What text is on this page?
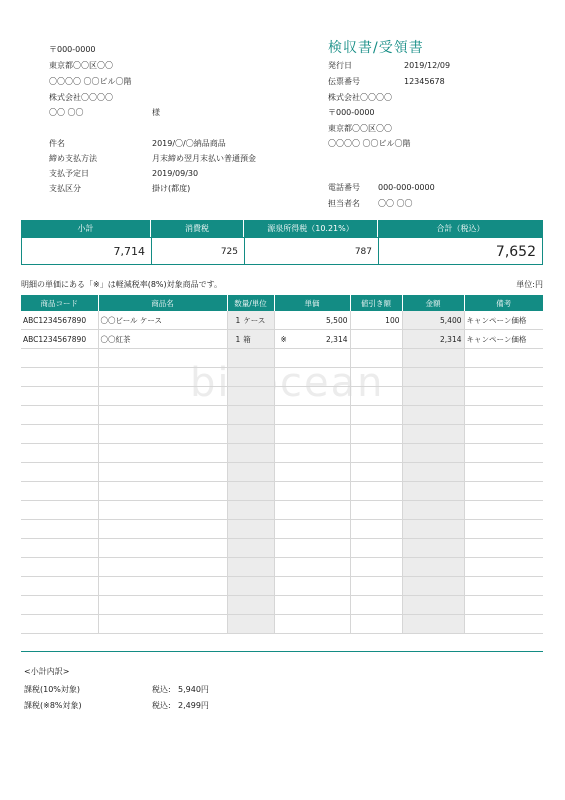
bizocean
〒000-0000
東京都〇〇区〇〇
〇〇〇〇 〇〇ビル〇階
株式会社〇〇〇〇
〇〇 〇〇	様
検収書/受領書
発行日	2019/12/09
伝票番号	12345678
株式会社〇〇〇〇
〒000-0000
東京都〇〇区〇〇
〇〇〇〇 〇〇ビル〇階
電話番号 000-000-0000
担当者名 〇〇 〇〇
件名	2019/〇/〇納品商品
締め支払方法	月末締め翌月末払い普通預金
支払予定日	2019/09/30
支払区分	掛け(都度)
小計	消費税	源泉所得税（10.21%）	合計（税込）
7,714	725	787	7,652
明細の単価にある「※」は軽減税率(8%)対象商品です。	単位:円
商品コード	商品名	数量/単位	単価	値引き額	金額	備考
ABC1234567890	〇〇ビール ケース	1 ケース	5,500	100	5,400	キャンペーン価格
ABC1234567890	〇〇紅茶	1 箱	※ 2,314		2,314	キャンペーン価格

<小計内訳>
課税(10%対象)	税込: 5,940円
課税(※8%対象)	税込: 2,499円
